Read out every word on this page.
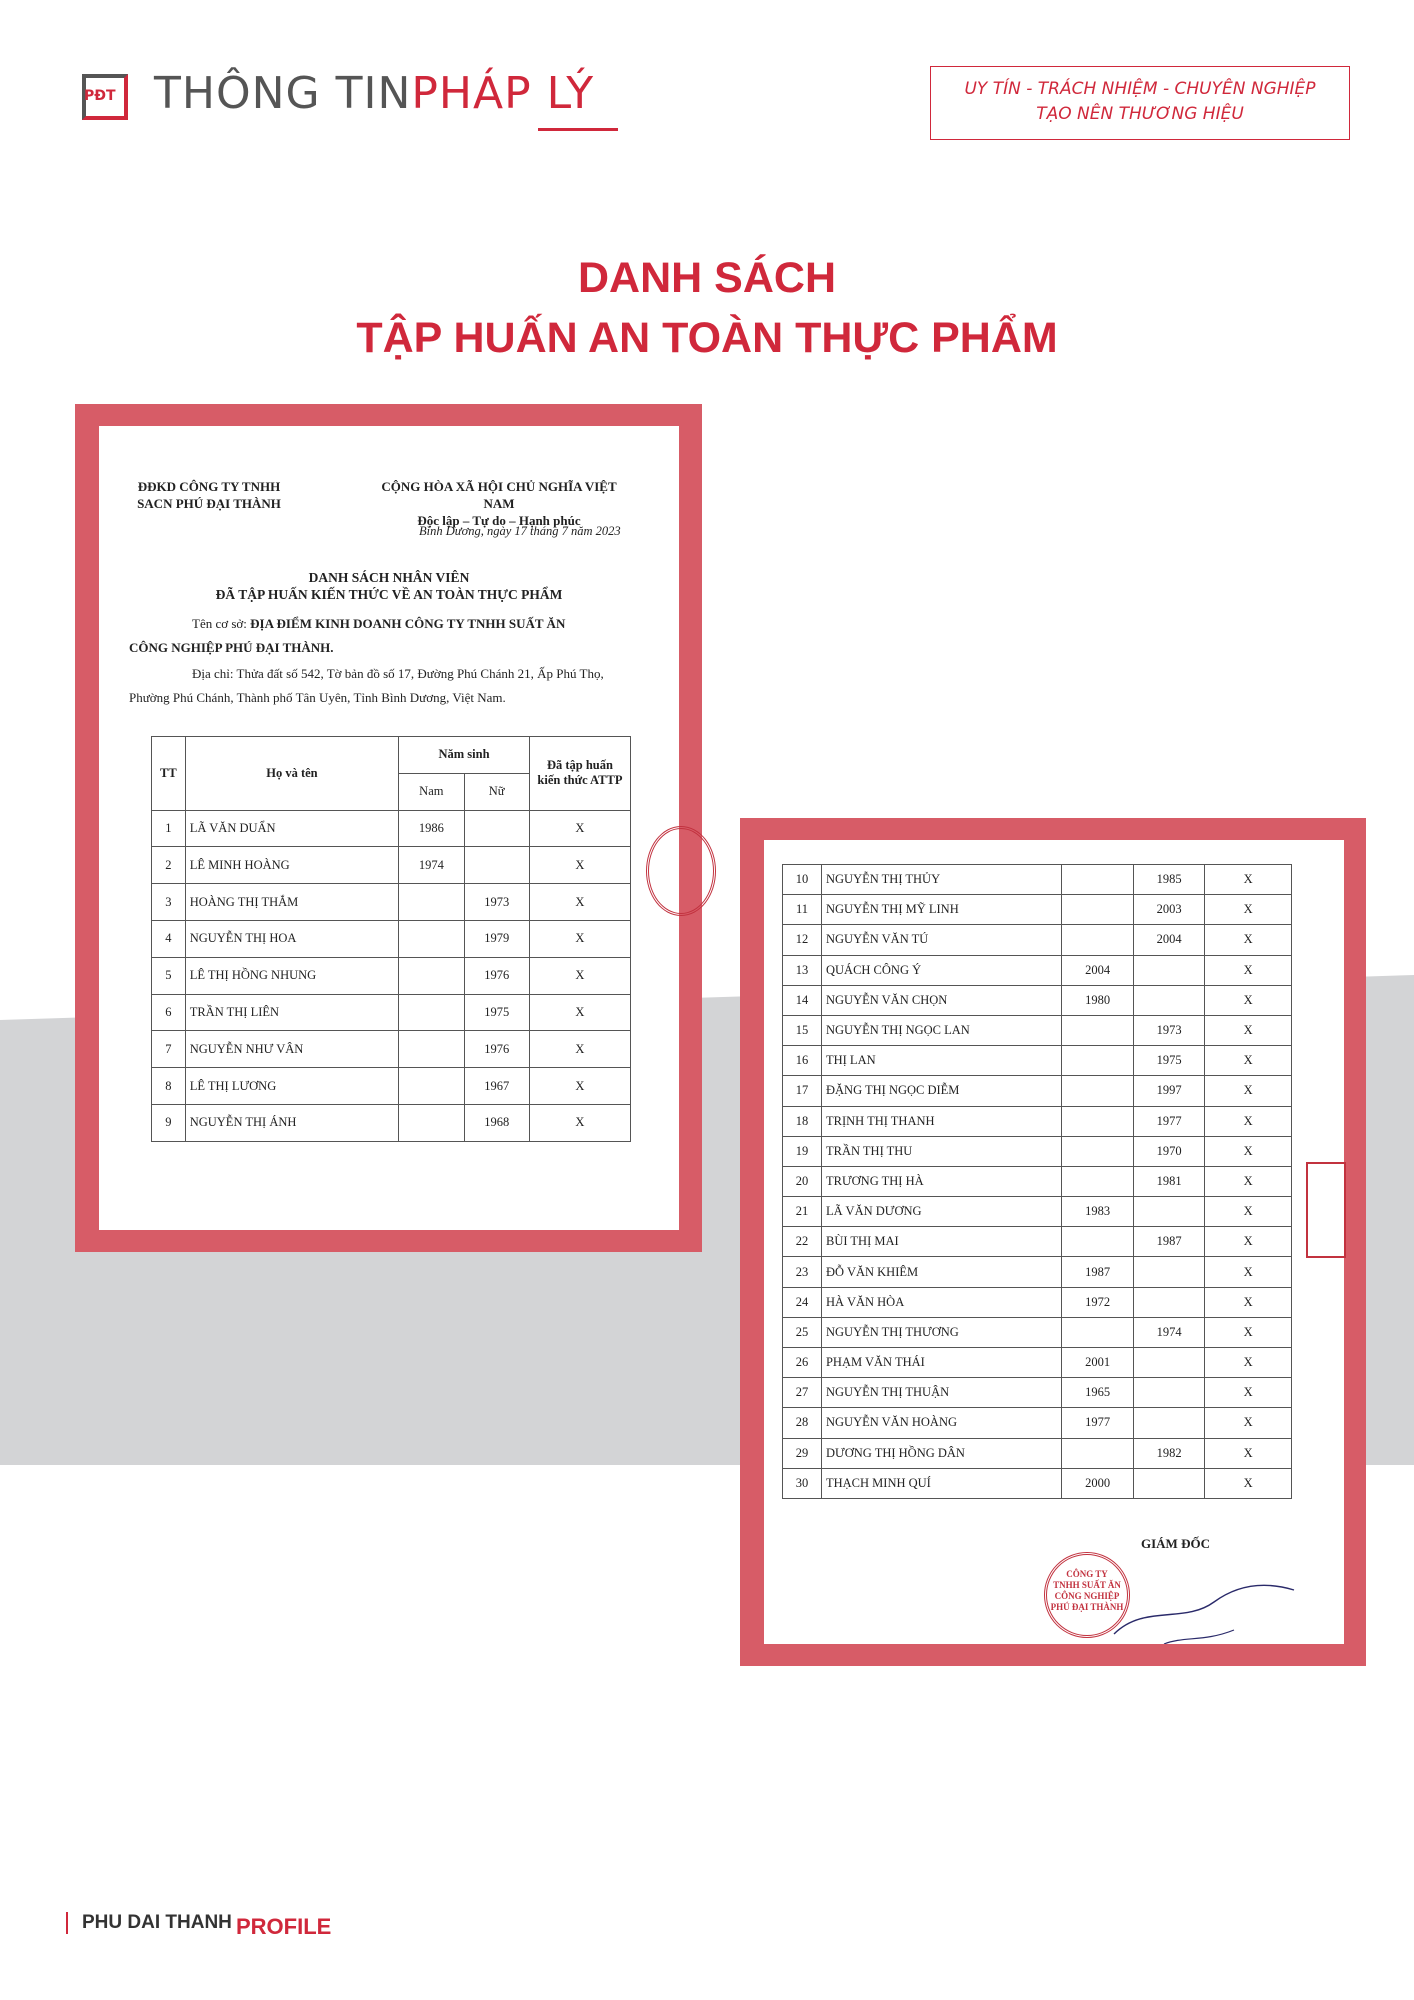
PĐT THÔNG TINPHÁP LÝ	UY TÍN - TRÁCH NHIỆM - CHUYÊN NGHIỆP
TẠO NÊN THƯƠNG HIỆU
DANH SÁCH
TẬP HUẤN AN TOÀN THỰC PHẨM
ĐĐKD CÔNG TY TNHH
SACN PHÚ ĐẠI THÀNH
CỘNG HÒA XÃ HỘI CHỦ NGHĨA VIỆT NAM
Độc lập – Tự do – Hạnh phúc
Bình Dương, ngày 17 tháng 7 năm 2023
DANH SÁCH NHÂN VIÊN
ĐÃ TẬP HUẤN KIẾN THỨC VỀ AN TOÀN THỰC PHẨM
Tên cơ sở: ĐỊA ĐIỂM KINH DOANH CÔNG TY TNHH SUẤT ĂN
CÔNG NGHIỆP PHÚ ĐẠI THÀNH.
Địa chỉ: Thửa đất số 542, Tờ bản đồ số 17, Đường Phú Chánh 21, Ấp Phú Thọ,
Phường Phú Chánh, Thành phố Tân Uyên, Tỉnh Bình Dương, Việt Nam.
TT	Họ và tên	Năm sinh		Đã tập huấn
kiến thức ATTP
		Nam	Nữ	
1	LÃ VĂN DUẨN	1986		X
2	LÊ MINH HOÀNG	1974		X
3	HOÀNG THỊ THẮM		1973	X
4	NGUYỄN THỊ HOA		1979	X
5	LÊ THỊ HỒNG NHUNG		1976	X
6	TRẦN THỊ LIÊN		1975	X
7	NGUYỄN NHƯ VÂN		1976	X
8	LÊ THỊ LƯƠNG		1967	X
9	NGUYỄN THỊ ÁNH		1968	X
10	NGUYỄN THỊ THỦY		1985	X
11	NGUYỄN THỊ MỸ LINH		2003	X
12	NGUYỄN VĂN TÚ		2004	X
13	QUÁCH CÔNG Ý	2004		X
14	NGUYỄN VĂN CHỌN	1980		X
15	NGUYỄN THỊ NGỌC LAN		1973	X
16	THỊ LAN		1975	X
17	ĐẶNG THỊ NGỌC DIỄM		1997	X
18	TRỊNH THỊ THANH		1977	X
19	TRẦN THỊ THU		1970	X
20	TRƯƠNG THỊ HÀ		1981	X
21	LÃ VĂN DƯƠNG	1983		X
22	BÙI THỊ MAI		1987	X
23	ĐỖ VĂN KHIÊM	1987		X
24	HÀ VĂN HÒA	1972		X
25	NGUYỄN THỊ THƯƠNG		1974	X
26	PHẠM VĂN THÁI	2001		X
27	NGUYỄN THỊ THUẬN	1965		X
28	NGUYỄN VĂN HOÀNG	1977		X
29	DƯƠNG THỊ HỒNG DÂN		1982	X
30	THẠCH MINH QUÍ	2000		X
GIÁM ĐỐC
CÔNG TY
TNHH SUẤT ĂN
CÔNG NGHIỆP
PHÚ ĐẠI THÀNH
PHU DAI THANH PROFILE
